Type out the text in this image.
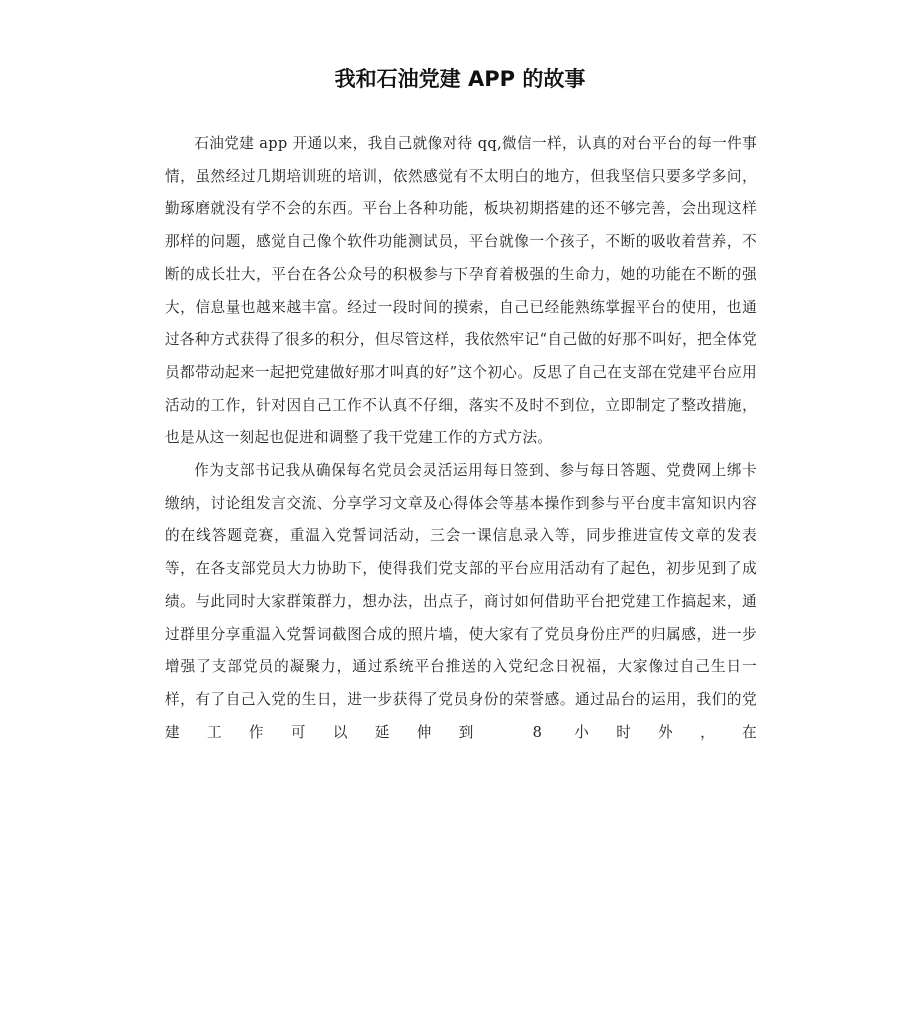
我和石油党建 APP 的故事

石油党建 app 开通以来，我自己就像对待 qq,微信一样，认真的对台平台的每一件事情，虽然经过几期培训班的培训，依然感觉有不太明白的地方，但我坚信只要多学多问，勤琢磨就没有学不会的东西。平台上各种功能，板块初期搭建的还不够完善，会出现这样那样的问题，感觉自己像个软件功能测试员，平台就像一个孩子，不断的吸收着营养，不断的成长壮大，平台在各公众号的积极参与下孕育着极强的生命力，她的功能在不断的强大，信息量也越来越丰富。经过一段时间的摸索，自己已经能熟练掌握平台的使用，也通过各种方式获得了很多的积分，但尽管这样，我依然牢记“自己做的好那不叫好，把全体党员都带动起来一起把党建做好那才叫真的好”这个初心。反思了自己在支部在党建平台应用活动的工作，针对因自己工作不认真不仔细，落实不及时不到位，立即制定了整改措施，也是从这一刻起也促进和调整了我干党建工作的方式方法。

作为支部书记我从确保每名党员会灵活运用每日签到、参与每日答题、党费网上绑卡缴纳，讨论组发言交流、分享学习文章及心得体会等基本操作到参与平台度丰富知识内容的在线答题竞赛，重温入党誓词活动，三会一课信息录入等，同步推进宣传文章的发表等，在各支部党员大力协助下，使得我们党支部的平台应用活动有了起色，初步见到了成绩。与此同时大家群策群力，想办法，出点子，商讨如何借助平台把党建工作搞起来，通过群里分享重温入党誓词截图合成的照片墙，使大家有了党员身份庄严的归属感，进一步增强了支部党员的凝聚力，通过系统平台推送的入党纪念日祝福，大家像过自己生日一样，有了自己入党的生日，进一步获得了党员身份的荣誉感。通过品台的运用，我们的党建工作可以延伸到 8 小时外，在
